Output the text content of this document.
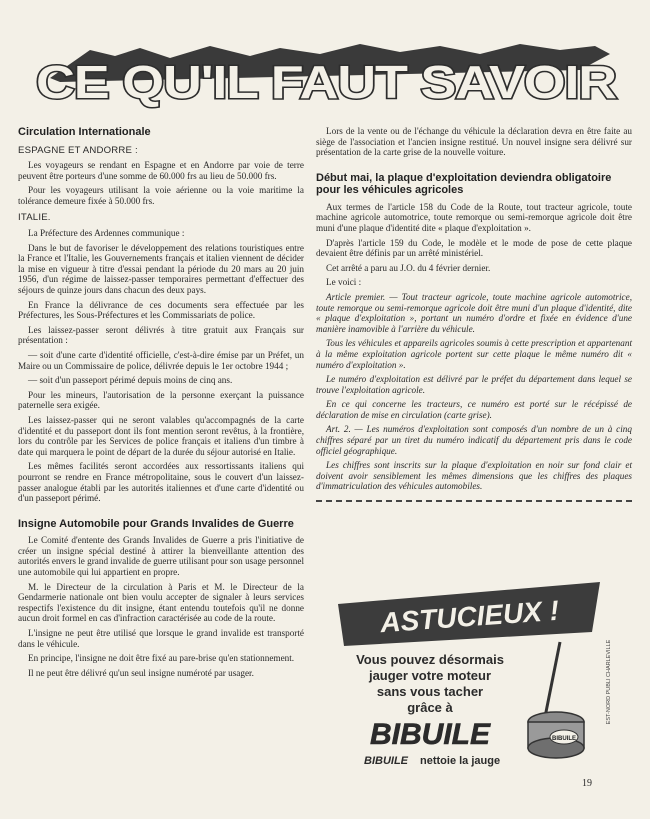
CE QU'IL FAUT SAVOIR
Circulation Internationale
ESPAGNE ET ANDORRE :

Les voyageurs se rendant en Espagne et en Andorre par voie de terre peuvent être porteurs d'une somme de 60.000 frs au lieu de 50.000 frs.

Pour les voyageurs utilisant la voie aérienne ou la voie maritime la tolérance demeure fixée à 50.000 frs.

ITALIE.

La Préfecture des Ardennes communique :

Dans le but de favoriser le développement des relations touristiques entre la France et l'Italie, les Gouvernements français et italien viennent de décider la mise en vigueur à titre d'essai pendant la période du 20 mars au 20 juin 1956, d'un régime de laissez-passer temporaires permettant d'effectuer des séjours de quinze jours dans chacun des deux pays.

En France la délivrance de ces documents sera effectuée par les Préfectures, les Sous-Préfectures et les Commissariats de police.

Les laissez-passer seront délivrés à titre gratuit aux Français sur présentation :

— soit d'une carte d'identité officielle, c'est-à-dire émise par un Préfet, un Maire ou un Commissaire de police, délivrée depuis le 1er octobre 1944 ;

— soit d'un passeport périmé depuis moins de cinq ans.

Pour les mineurs, l'autorisation de la personne exerçant la puissance paternelle sera exigée.

Les laissez-passer qui ne seront valables qu'accompagnés de la carte d'identité et du passeport dont ils font mention seront revêtus, à la frontière, lors du contrôle par les Services de police français et italiens d'un timbre à date qui marquera le point de départ de la durée du séjour autorisé en Italie.

Les mêmes facilités seront accordées aux ressortissants italiens qui pourront se rendre en France métropolitaine, sous le couvert d'un laissez-passer analogue établi par les autorités italiennes et d'une carte d'identité ou d'un passeport périmé.

Insigne Automobile pour Grands Invalides de Guerre

Le Comité d'entente des Grands Invalides de Guerre a pris l'initiative de créer un insigne spécial destiné à attirer la bienveillante attention des autorités envers le grand invalide de guerre utilisant pour son usage personnel une automobile qui lui appartient en propre.

M. le Directeur de la circulation à Paris et M. le Directeur de la Gendarmerie nationale ont bien voulu accepter de signaler à leurs services respectifs l'existence du dit insigne, étant entendu toutefois qu'il ne donne aucun droit formel en cas d'infraction caractérisée au code de la route.

L'insigne ne peut être utilisé que lorsque le grand invalide est transporté dans le véhicule.

En principe, l'insigne ne doit être fixé au pare-brise qu'en stationnement.

Il ne peut être délivré qu'un seul insigne numéroté par usager.

Lors de la vente ou de l'échange du véhicule la déclaration devra en être faite au siège de l'association et l'ancien insigne restitué. Un nouvel insigne sera délivré sur présentation de la carte grise de la nouvelle voiture.

Début mai, la plaque d'exploitation deviendra obligatoire pour les véhicules agricoles

Aux termes de l'article 158 du Code de la Route, tout tracteur agricole, toute machine agricole automotrice, toute remorque ou semi-remorque agricole doit être muni d'une plaque d'identité dite « plaque d'exploitation ».

D'après l'article 159 du Code, le modèle et le mode de pose de cette plaque devaient être définis par un arrêté ministériel.

Cet arrêté a paru au J.O. du 4 février dernier.

Le voici :

Article premier. — Tout tracteur agricole, toute machine agricole automotrice, toute remorque ou semi-remorque agricole doit être muni d'un plaque d'identité, dite « plaque d'exploitation », portant un numéro d'ordre et fixée en évidence d'une manière inamovible à l'arrière du véhicule.

Tous les véhicules et appareils agricoles soumis à cette prescription et appartenant à la même exploitation agricole portent sur cette plaque le même numéro dit « numéro d'exploitation ».

Le numéro d'exploitation est délivré par le préfet du département dans lequel se trouve l'exploitation agricole.

En ce qui concerne les tracteurs, ce numéro est porté sur le récépissé de déclaration de mise en circulation (carte grise).

Art. 2. — Les numéros d'exploitation sont composés d'un nombre de un à cinq chiffres séparé par un tiret du numéro indicatif du département pris dans le code officiel géographique.

Les chiffres sont inscrits sur la plaque d'exploitation en noir sur fond clair et doivent avoir sensiblement les mêmes dimensions que les chiffres des plaques d'immatriculation des véhicules automobiles.

ASTUCIEUX !
Vous pouvez désormais
jauger votre moteur
sans vous tacher
grâce à
BIBUILE
BIBUILE nettoie la jauge
BIBUILE
EST-NORD PUBLI CHARLEVILLE
19
